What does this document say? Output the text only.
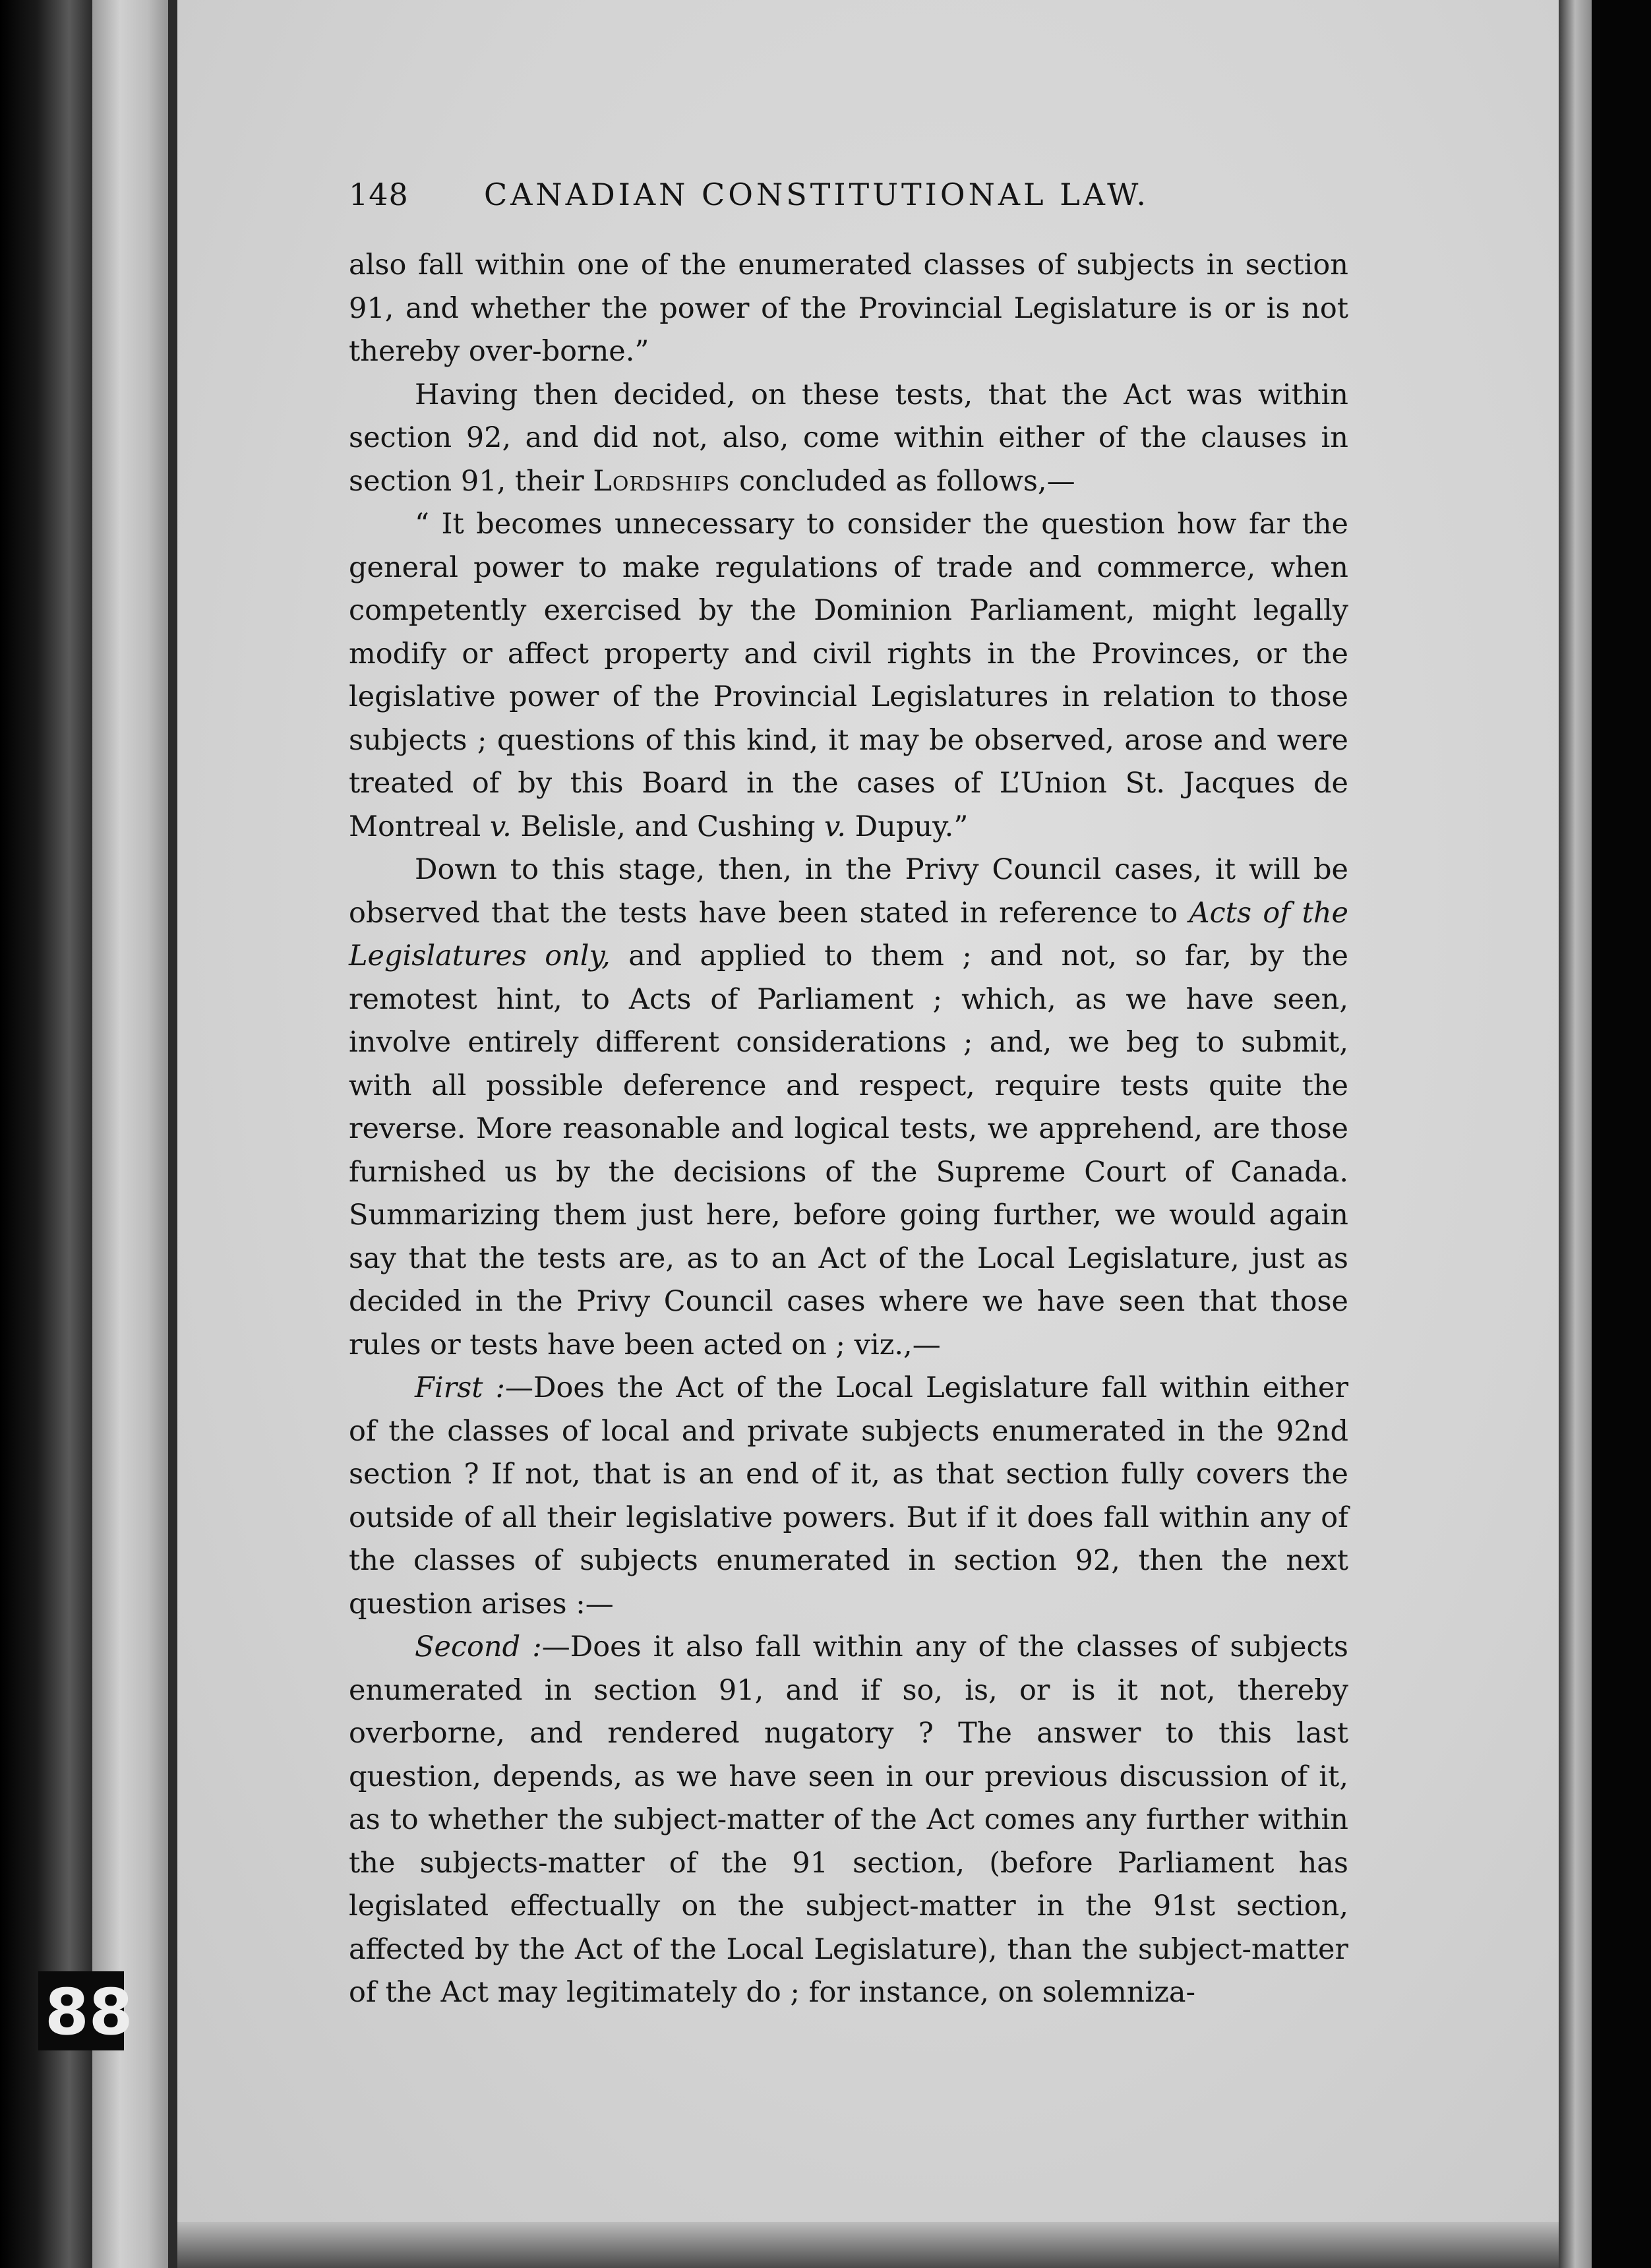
148 CANADIAN CONSTITUTIONAL LAW.

also fall within one of the enumerated classes of subjects in section 91, and whether the power of the Provincial Legislature is or is not thereby over-borne.”

Having then decided, on these tests, that the Act was within section 92, and did not, also, come within either of the clauses in section 91, their Lordships concluded as follows,—

“ It becomes unnecessary to consider the question how far the general power to make regulations of trade and commerce, when competently exercised by the Dominion Parliament, might legally modify or affect property and civil rights in the Provinces, or the legislative power of the Provincial Legislatures in relation to those subjects ; questions of this kind, it may be observed, arose and were treated of by this Board in the cases of L’Union St. Jacques de Montreal v. Belisle, and Cushing v. Dupuy.”

Down to this stage, then, in the Privy Council cases, it will be observed that the tests have been stated in reference to Acts of the Legislatures only, and applied to them ; and not, so far, by the remotest hint, to Acts of Parliament ; which, as we have seen, involve entirely different considerations ; and, we beg to submit, with all possible deference and respect, require tests quite the reverse. More reasonable and logical tests, we apprehend, are those furnished us by the decisions of the Supreme Court of Canada. Summarizing them just here, before going further, we would again say that the tests are, as to an Act of the Local Legislature, just as decided in the Privy Council cases where we have seen that those rules or tests have been acted on ; viz.,—

First :—Does the Act of the Local Legislature fall within either of the classes of local and private subjects enumerated in the 92nd section ? If not, that is an end of it, as that section fully covers the outside of all their legislative powers. But if it does fall within any of the classes of subjects enumerated in section 92, then the next question arises :—

Second :—Does it also fall within any of the classes of subjects enumerated in section 91, and if so, is, or is it not, thereby overborne, and rendered nugatory ? The answer to this last question, depends, as we have seen in our previous discussion of it, as to whether the subject-matter of the Act comes any further within the subjects-matter of the 91 section, (before Parliament has legislated effectually on the subject-matter in the 91st section, affected by the Act of the Local Legislature), than the subject-matter of the Act may legitimately do ; for instance, on solemniza-

88
